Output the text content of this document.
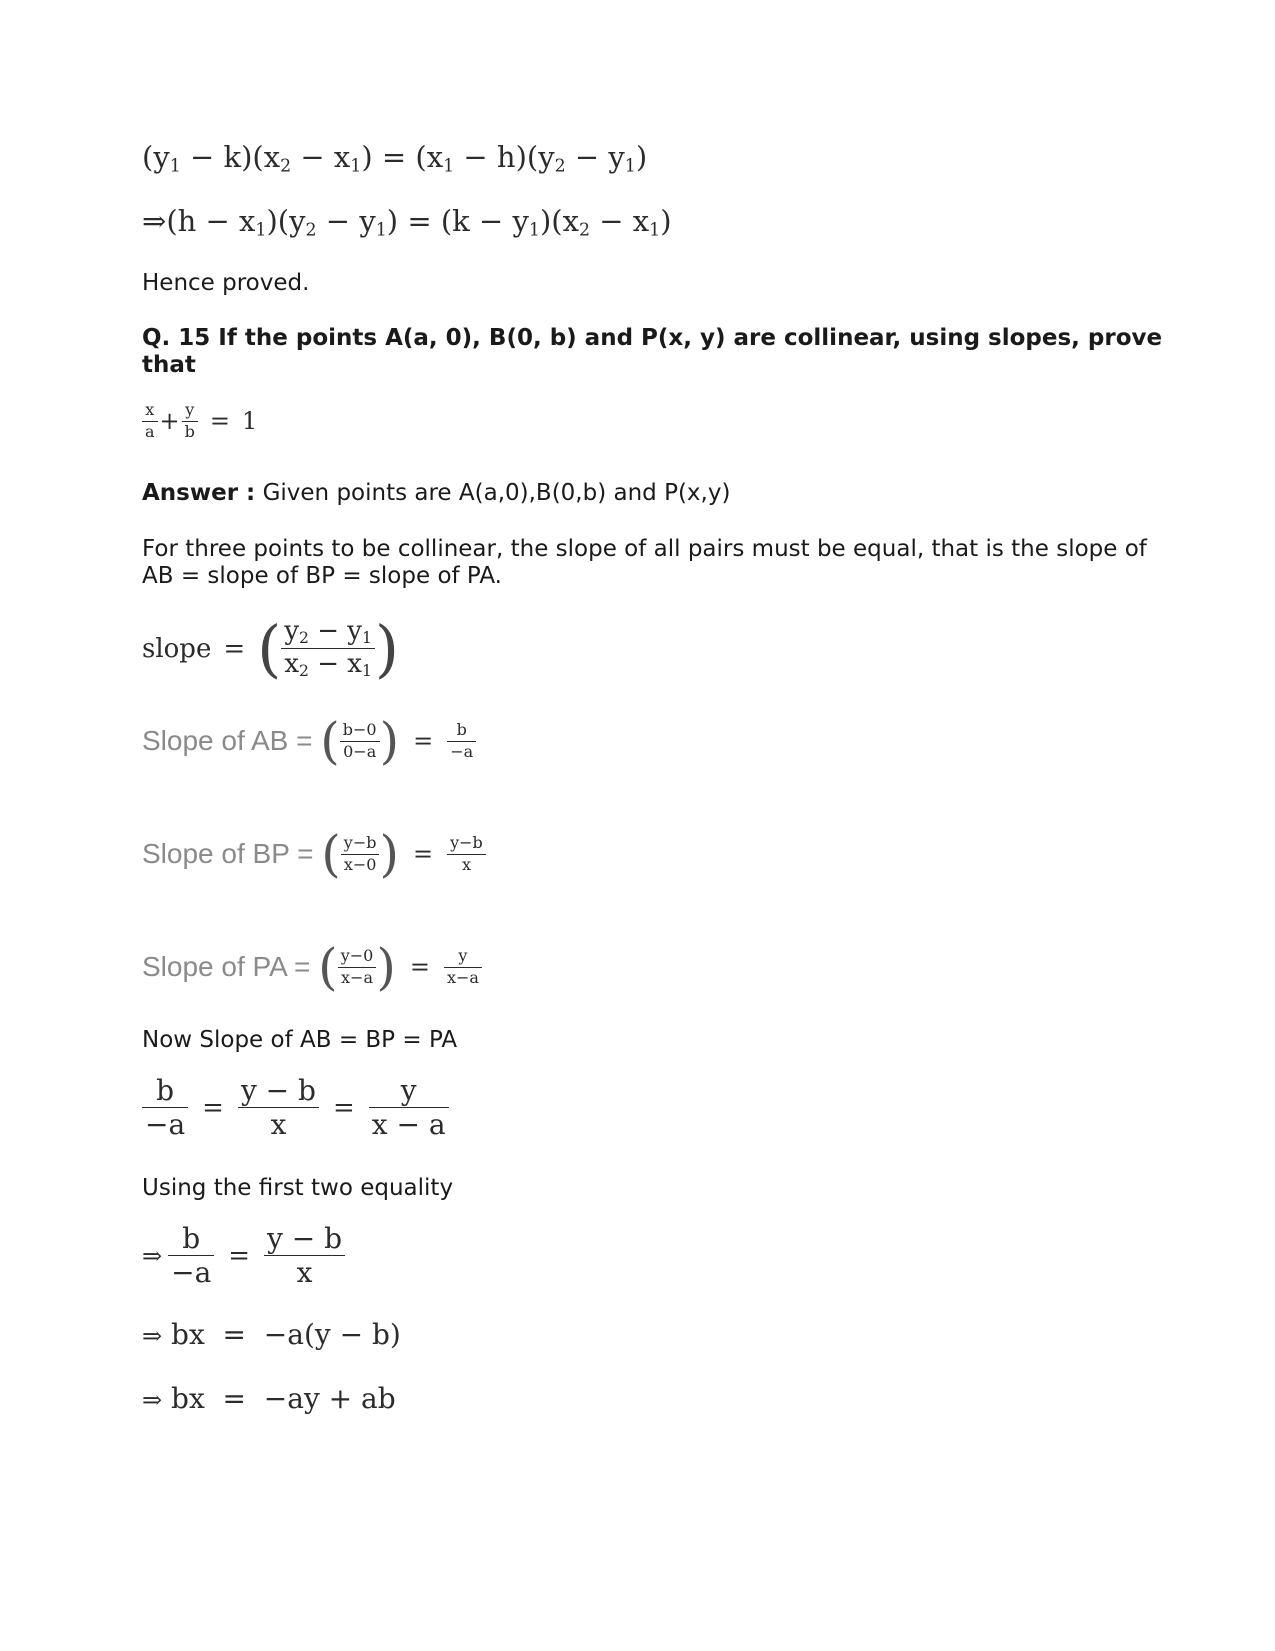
$(y_1 - k)(x_2 - x_1) = (x_1 - h)(y_2 - y_1)$
⇒(h − $x_1)(y_2 - y_1) = (k - y_1)(x_2 - x_1)$
Hence proved.
Q. 15 If the points A(a, 0), B(0, b) and P(x, y) are collinear, using slopes, prove
that
$\frac{x}{a} + \frac{y}{b} = 1$
Answer : Given points are A(a,0),B(0,b) and P(x,y)
For three points to be collinear, the slope of all pairs must be equal, that is the slope of
AB = slope of BP = slope of PA.
slope = ( $\frac{y_2 - y_1}{x_2 - x_1}$ )
Slope of AB = ( $\frac{b-0}{0-a}$ ) = $\frac{b}{-a}$
Slope of BP = ( $\frac{y-b}{x-0}$ ) = $\frac{y-b}{x}$
Slope of PA = ( $\frac{y-0}{x-a}$ ) = $\frac{y}{x-a}$
Now Slope of AB = BP = PA
$\frac{b}{-a} = \frac{y - b}{x} = \frac{y}{x - a}$
Using the first two equality
⇒ $\frac{b}{-a} = \frac{y - b}{x}$
⇒ bx  =  −a(y − b)
⇒ bx  =  −ay + ab
